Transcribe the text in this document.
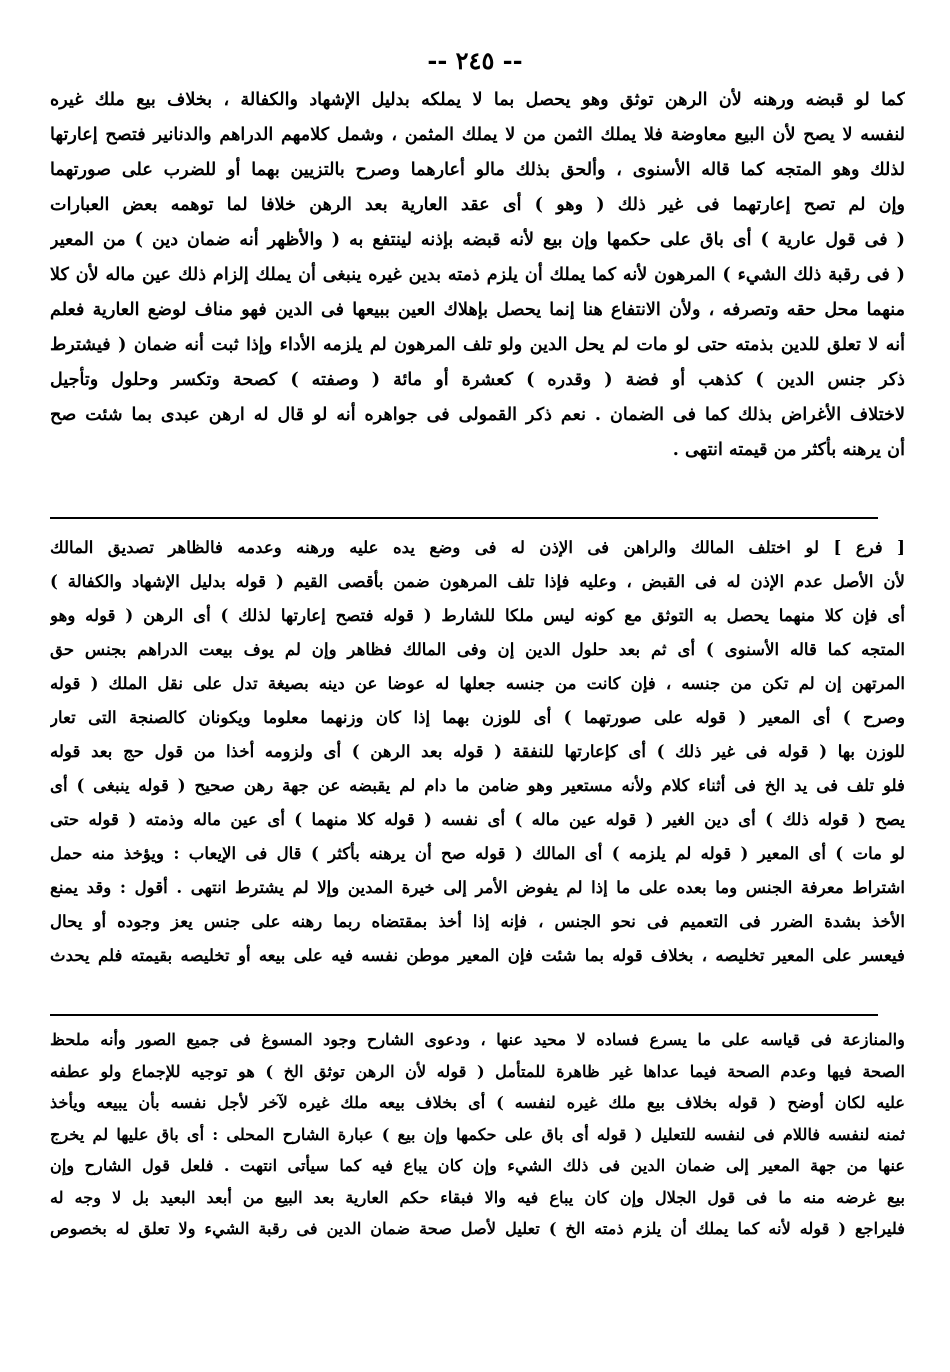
-- ٢٤٥ --
كما لو قبضه ورهنه لأن الرهن توثق وهو يحصل بما لا يملكه بدليل الإشهاد والكفالة ، بخلاف بيع ملك غيره
لنفسه لا يصح لأن البيع معاوضة فلا يملك الثمن من لا يملك المثمن ، وشمل كلامهم الدراهم والدنانير فتصح إعارتها
لذلك وهو المتجه كما قاله الأسنوى ، وألحق بذلك مالو أعارهما وصرح بالتزيين بهما أو للضرب على صورتهما
وإن لم تصح إعارتهما فى غير ذلك ( وهو ) أى عقد العارية بعد الرهن خلافا لما توهمه بعض العبارات
( فى قول عارية ) أى باق على حكمها وإن بيع لأنه قبضه بإذنه لينتفع به ( والأظهر أنه ضمان دين ) من المعير
( فى رقبة ذلك الشيء ) المرهون لأنه كما يملك أن يلزم ذمته بدين غيره ينبغى أن يملك إلزام ذلك عين ماله لأن كلا
منهما محل حقه وتصرفه ، ولأن الانتفاع هنا إنما يحصل بإهلاك العين ببيعها فى الدين فهو مناف لوضع العارية فعلم
أنه لا تعلق للدين بذمته حتى لو مات لم يحل الدين ولو تلف المرهون لم يلزمه الأداء وإذا ثبت أنه ضمان ( فيشترط
ذكر جنس الدين ) كذهب أو فضة ( وقدره ) كعشرة أو مائة ( وصفته ) كصحة وتكسر وحلول وتأجيل
لاختلاف الأغراض بذلك كما فى الضمان . نعم ذكر القمولى فى جواهره أنه لو قال له ارهن عبدى بما شئت صح
أن يرهنه بأكثر من قيمته انتهى .
[ فرع ] لو اختلف المالك والراهن فى الإذن له فى وضع يده عليه ورهنه وعدمه فالظاهر تصديق المالك
لأن الأصل عدم الإذن له فى القبض ، وعليه فإذا تلف المرهون ضمن بأقصى القيم ( قوله بدليل الإشهاد والكفالة )
أى فإن كلا منهما يحصل به التوثق مع كونه ليس ملكا للشارط ( قوله فتصح إعارتها لذلك ) أى الرهن ( قوله وهو
المتجه كما قاله الأسنوى ) أى ثم بعد حلول الدين إن وفى المالك فظاهر وإن لم يوف بيعت الدراهم بجنس حق
المرتهن إن لم تكن من جنسه ، فإن كانت من جنسه جعلها له عوضا عن دينه بصيغة تدل على نقل الملك ( قوله
وصرح ) أى المعير ( قوله على صورتهما ) أى للوزن بهما إذا كان وزنهما معلوما ويكونان كالصنجة التى تعار
للوزن بها ( قوله فى غير ذلك ) أى كإعارتها للنفقة ( قوله بعد الرهن ) أى ولزومه أخذا من قول حج بعد قوله
فلو تلف فى يد الخ فى أثناء كلام ولأنه مستعير وهو ضامن ما دام لم يقبضه عن جهة رهن صحيح ( قوله ينبغى ) أى
يصح ( قوله ذلك ) أى دين الغير ( قوله عين ماله ) أى نفسه ( قوله كلا منهما ) أى عين ماله وذمته ( قوله حتى
لو مات ) أى المعير ( قوله لم يلزمه ) أى المالك ( قوله صح أن يرهنه بأكثر ) قال فى الإيعاب : ويؤخذ منه حمل
اشتراط معرفة الجنس وما بعده على ما إذا لم يفوض الأمر إلى خيرة المدين وإلا لم يشترط انتهى . أقول : وقد يمنع
الأخذ بشدة الضرر فى التعميم فى نحو الجنس ، فإنه إذا أخذ بمقتضاه ربما رهنه على جنس يعز وجوده أو يحال
فيعسر على المعير تخليصه ، بخلاف قوله بما شئت فإن المعير موطن نفسه فيه على بيعه أو تخليصه بقيمته فلم يحدث
والمنازعة فى قياسه على ما يسرع فساده لا محيد عنها ، ودعوى الشارح وجود المسوغ فى جميع الصور وأنه ملحظ
الصحة فيها وعدم الصحة فيما عداها غير ظاهرة للمتأمل ( قوله لأن الرهن توثق الخ ) هو توجيه للإجماع ولو عطفه
عليه لكان أوضح ( قوله بخلاف بيع ملك غيره لنفسه ) أى بخلاف بيعه ملك غيره لآخر لأجل نفسه بأن يبيعه ويأخذ
ثمنه لنفسه فاللام فى لنفسه للتعليل ( قوله أى باق على حكمها وإن بيع ) عبارة الشارح المحلى : أى باق عليها لم يخرج
عنها من جهة المعير إلى ضمان الدين فى ذلك الشيء وإن كان يباع فيه كما سيأتى انتهت . فلعل قول الشارح وإن
بيع غرضه منه ما فى قول الجلال وإن كان يباع فيه والا فبقاء حكم العارية بعد البيع من أبعد البعيد بل لا وجه له
فليراجع ( قوله لأنه كما يملك أن يلزم ذمته الخ ) تعليل لأصل صحة ضمان الدين فى رقبة الشيء ولا تعلق له بخصوص
